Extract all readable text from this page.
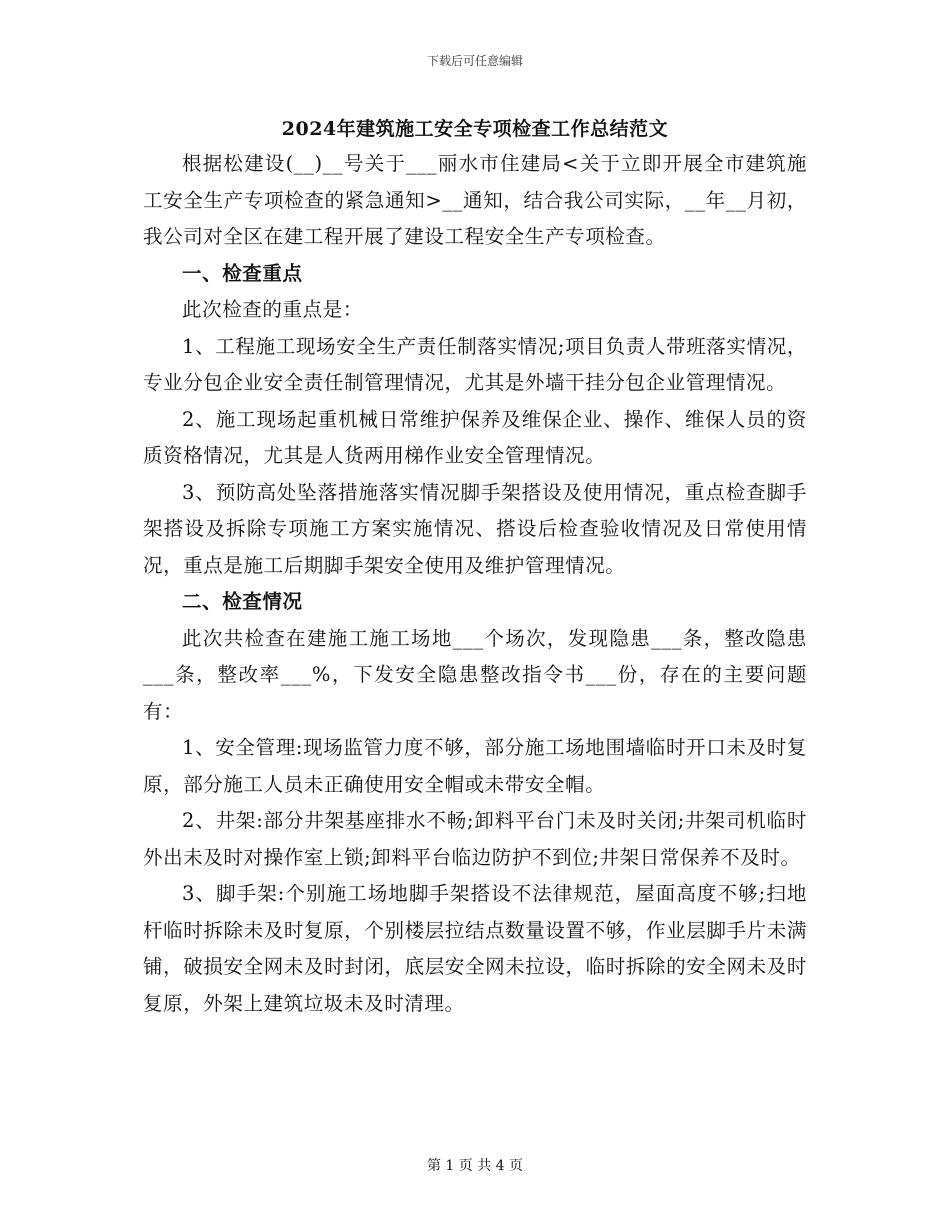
下载后可任意编辑
2024年建筑施工安全专项检查工作总结范文

根据松建设(__)__号关于___丽水市住建局<关于立即开展全市建筑施工安全生产专项检查的紧急通知>__通知，结合我公司实际，__年__月初，我公司对全区在建工程开展了建设工程安全生产专项检查。

一、检查重点

此次检查的重点是：

1、工程施工现场安全生产责任制落实情况;项目负责人带班落实情况，专业分包企业安全责任制管理情况，尤其是外墙干挂分包企业管理情况。

2、施工现场起重机械日常维护保养及维保企业、操作、维保人员的资质资格情况，尤其是人货两用梯作业安全管理情况。

3、预防高处坠落措施落实情况脚手架搭设及使用情况，重点检查脚手架搭设及拆除专项施工方案实施情况、搭设后检查验收情况及日常使用情况，重点是施工后期脚手架安全使用及维护管理情况。

二、检查情况

此次共检查在建施工施工场地___个场次，发现隐患___条，整改隐患___条，整改率___%，下发安全隐患整改指令书___份，存在的主要问题有：

1、安全管理:现场监管力度不够，部分施工场地围墙临时开口未及时复原，部分施工人员未正确使用安全帽或未带安全帽。

2、井架:部分井架基座排水不畅;卸料平台门未及时关闭;井架司机临时外出未及时对操作室上锁;卸料平台临边防护不到位;井架日常保养不及时。

3、脚手架:个别施工场地脚手架搭设不法律规范，屋面高度不够;扫地杆临时拆除未及时复原，个别楼层拉结点数量设置不够，作业层脚手片未满铺，破损安全网未及时封闭，底层安全网未拉设，临时拆除的安全网未及时复原，外架上建筑垃圾未及时清理。

第 1 页 共 4 页
